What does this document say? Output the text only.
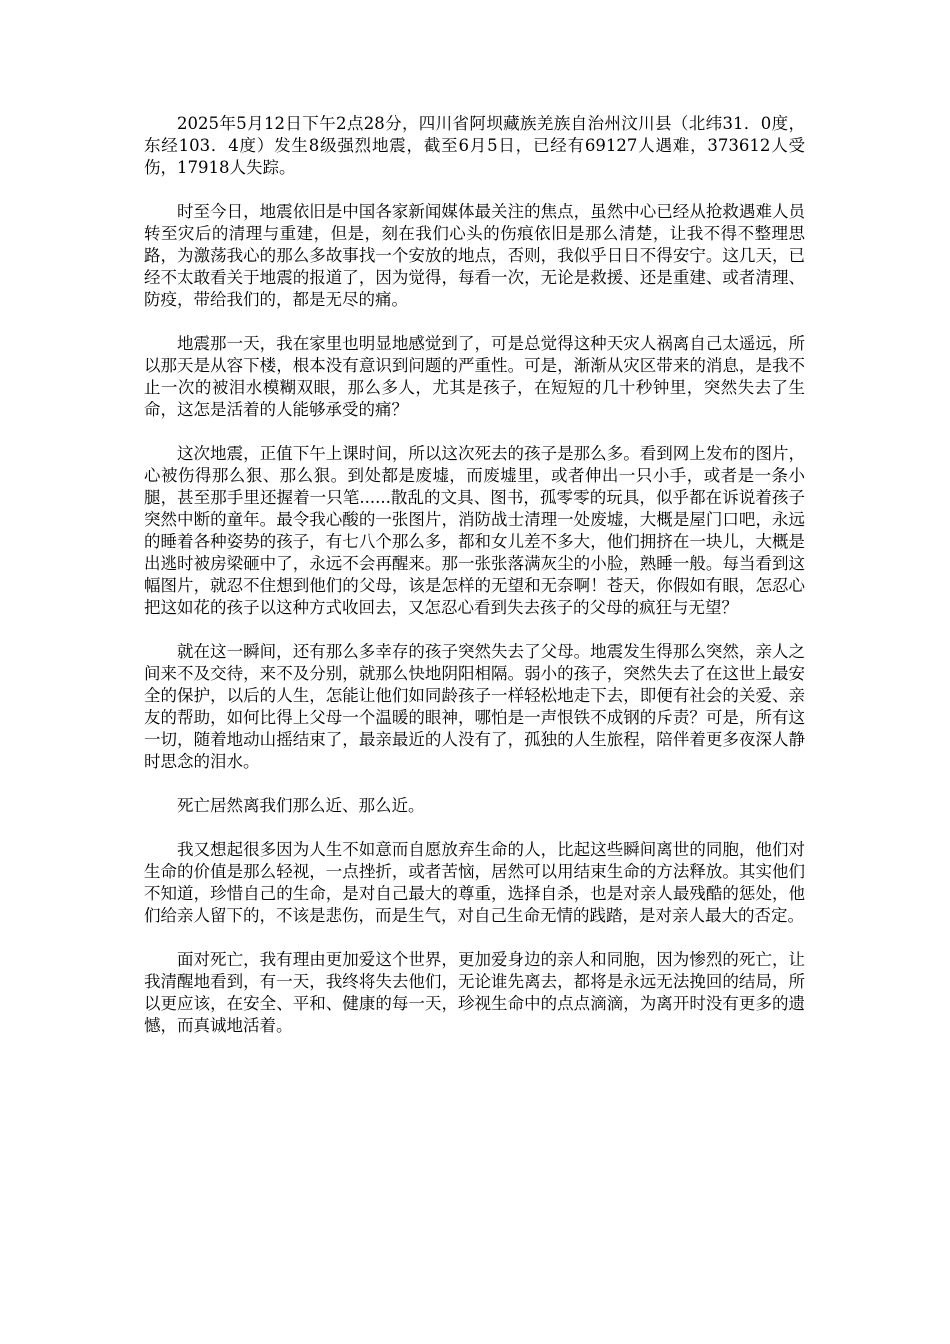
2025年5月12日下午2点28分，四川省阿坝藏族羌族自治州汶川县（北纬31．0度，东经103．4度）发生8级强烈地震，截至6月5日，已经有69127人遇难，373612人受伤，17918人失踪。

时至今日，地震依旧是中国各家新闻媒体最关注的焦点，虽然中心已经从抢救遇难人员转至灾后的清理与重建，但是，刻在我们心头的伤痕依旧是那么清楚，让我不得不整理思路，为激荡我心的那么多故事找一个安放的地点，否则，我似乎日日不得安宁。这几天，已经不太敢看关于地震的报道了，因为觉得，每看一次，无论是救援、还是重建、或者清理、防疫，带给我们的，都是无尽的痛。

地震那一天，我在家里也明显地感觉到了，可是总觉得这种天灾人祸离自己太遥远，所以那天是从容下楼，根本没有意识到问题的严重性。可是，渐渐从灾区带来的消息，是我不止一次的被泪水模糊双眼，那么多人，尤其是孩子，在短短的几十秒钟里，突然失去了生命，这怎是活着的人能够承受的痛？

这次地震，正值下午上课时间，所以这次死去的孩子是那么多。看到网上发布的图片，心被伤得那么狠、那么狠。到处都是废墟，而废墟里，或者伸出一只小手，或者是一条小腿，甚至那手里还握着一只笔......散乱的文具、图书，孤零零的玩具，似乎都在诉说着孩子突然中断的童年。最令我心酸的一张图片，消防战士清理一处废墟，大概是屋门口吧，永远的睡着各种姿势的孩子，有七八个那么多，都和女儿差不多大，他们拥挤在一块儿，大概是出逃时被房梁砸中了，永远不会再醒来。那一张张落满灰尘的小脸，熟睡一般。每当看到这幅图片，就忍不住想到他们的父母，该是怎样的无望和无奈啊！苍天，你假如有眼，怎忍心把这如花的孩子以这种方式收回去，又怎忍心看到失去孩子的父母的疯狂与无望？

就在这一瞬间，还有那么多幸存的孩子突然失去了父母。地震发生得那么突然，亲人之间来不及交待，来不及分别，就那么快地阴阳相隔。弱小的孩子，突然失去了在这世上最安全的保护，以后的人生，怎能让他们如同龄孩子一样轻松地走下去，即便有社会的关爱、亲友的帮助，如何比得上父母一个温暖的眼神，哪怕是一声恨铁不成钢的斥责？可是，所有这一切，随着地动山摇结束了，最亲最近的人没有了，孤独的人生旅程，陪伴着更多夜深人静时思念的泪水。

死亡居然离我们那么近、那么近。

我又想起很多因为人生不如意而自愿放弃生命的人，比起这些瞬间离世的同胞，他们对生命的价值是那么轻视，一点挫折，或者苦恼，居然可以用结束生命的方法释放。其实他们不知道，珍惜自己的生命，是对自己最大的尊重，选择自杀，也是对亲人最残酷的惩处，他们给亲人留下的，不该是悲伤，而是生气，对自己生命无情的践踏，是对亲人最大的否定。

面对死亡，我有理由更加爱这个世界，更加爱身边的亲人和同胞，因为惨烈的死亡，让我清醒地看到，有一天，我终将失去他们，无论谁先离去，都将是永远无法挽回的结局，所以更应该，在安全、平和、健康的每一天，珍视生命中的点点滴滴，为离开时没有更多的遗憾，而真诚地活着。
